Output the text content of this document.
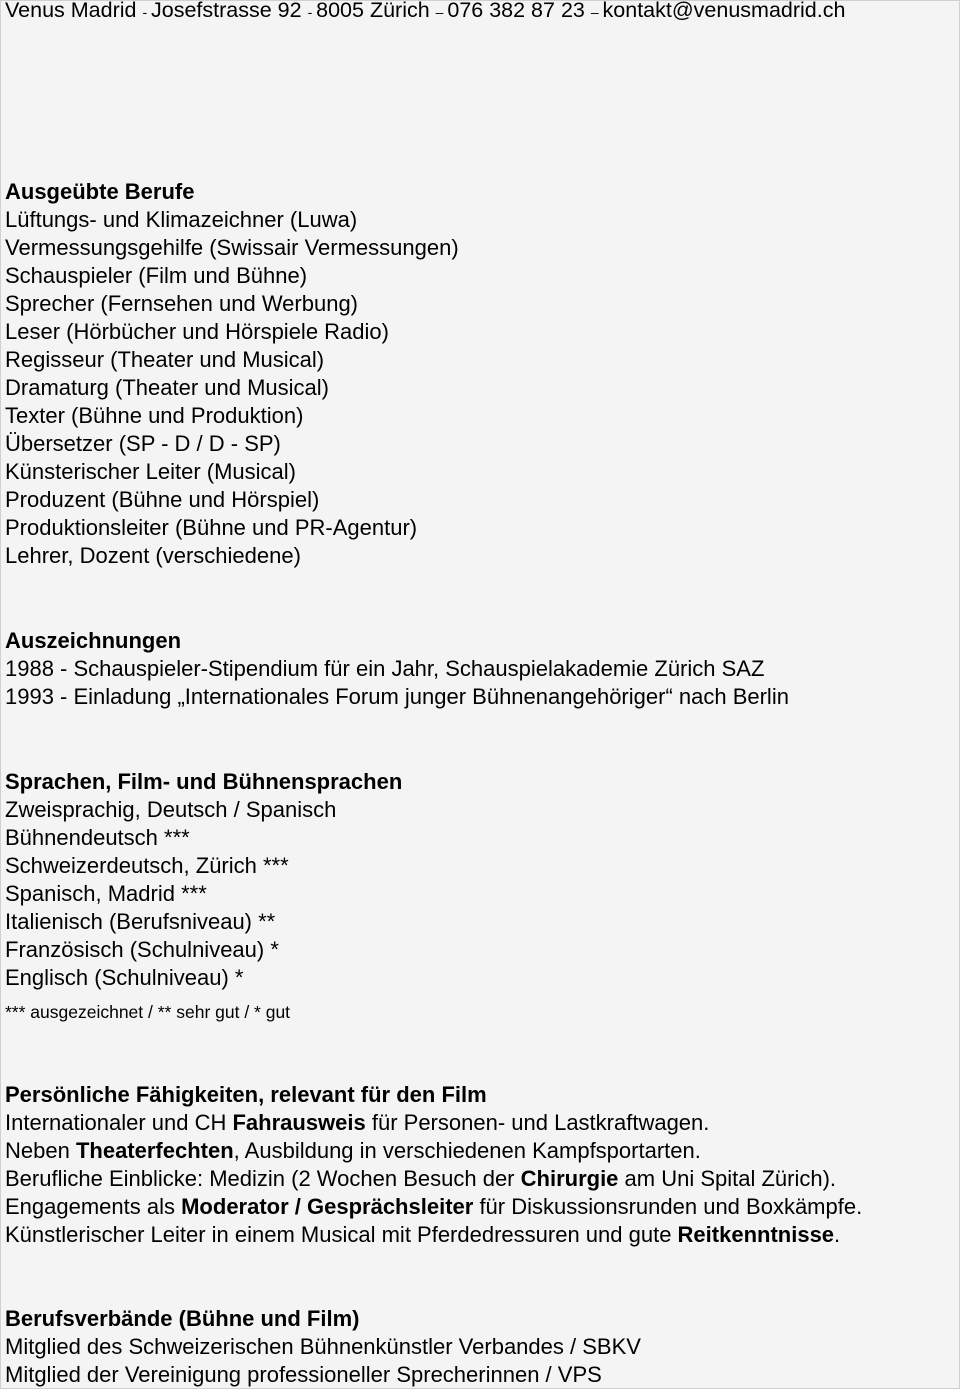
Venus Madrid - Josefstrasse 92 - 8005 Zürich – 076 382 87 23 – kontakt@venusmadrid.ch
Ausgeübte Berufe
Lüftungs- und Klimazeichner (Luwa)
Vermessungsgehilfe (Swissair Vermessungen)
Schauspieler (Film und Bühne)
Sprecher (Fernsehen und Werbung)
Leser (Hörbücher und Hörspiele Radio)
Regisseur (Theater und Musical)
Dramaturg (Theater und Musical)
Texter (Bühne und Produktion)
Übersetzer (SP - D / D - SP)
Künsterischer Leiter (Musical)
Produzent (Bühne und Hörspiel)
Produktionsleiter (Bühne und PR-Agentur)
Lehrer, Dozent (verschiedene)
Auszeichnungen
1988 - Schauspieler-Stipendium für ein Jahr, Schauspielakademie Zürich SAZ
1993 - Einladung „Internationales Forum junger Bühnenangehöriger“ nach Berlin
Sprachen, Film- und Bühnensprachen
Zweisprachig, Deutsch / Spanisch
Bühnendeutsch ***
Schweizerdeutsch, Zürich ***
Spanisch, Madrid ***
Italienisch (Berufsniveau) **
Französisch (Schulniveau) *
Englisch (Schulniveau) *
*** ausgezeichnet / ** sehr gut / * gut
Persönliche Fähigkeiten, relevant für den Film
Internationaler und CH Fahrausweis für Personen- und Lastkraftwagen.
Neben Theaterfechten, Ausbildung in verschiedenen Kampfsportarten.
Berufliche Einblicke: Medizin (2 Wochen Besuch der Chirurgie am Uni Spital Zürich).
Engagements als Moderator / Gesprächsleiter für Diskussionsrunden und Boxkämpfe.
Künstlerischer Leiter in einem Musical mit Pferdedressuren und gute Reitkenntnisse.
Berufsverbände (Bühne und Film)
Mitglied des Schweizerischen Bühnenkünstler Verbandes / SBKV
Mitglied der Vereinigung professioneller Sprecherinnen / VPS
